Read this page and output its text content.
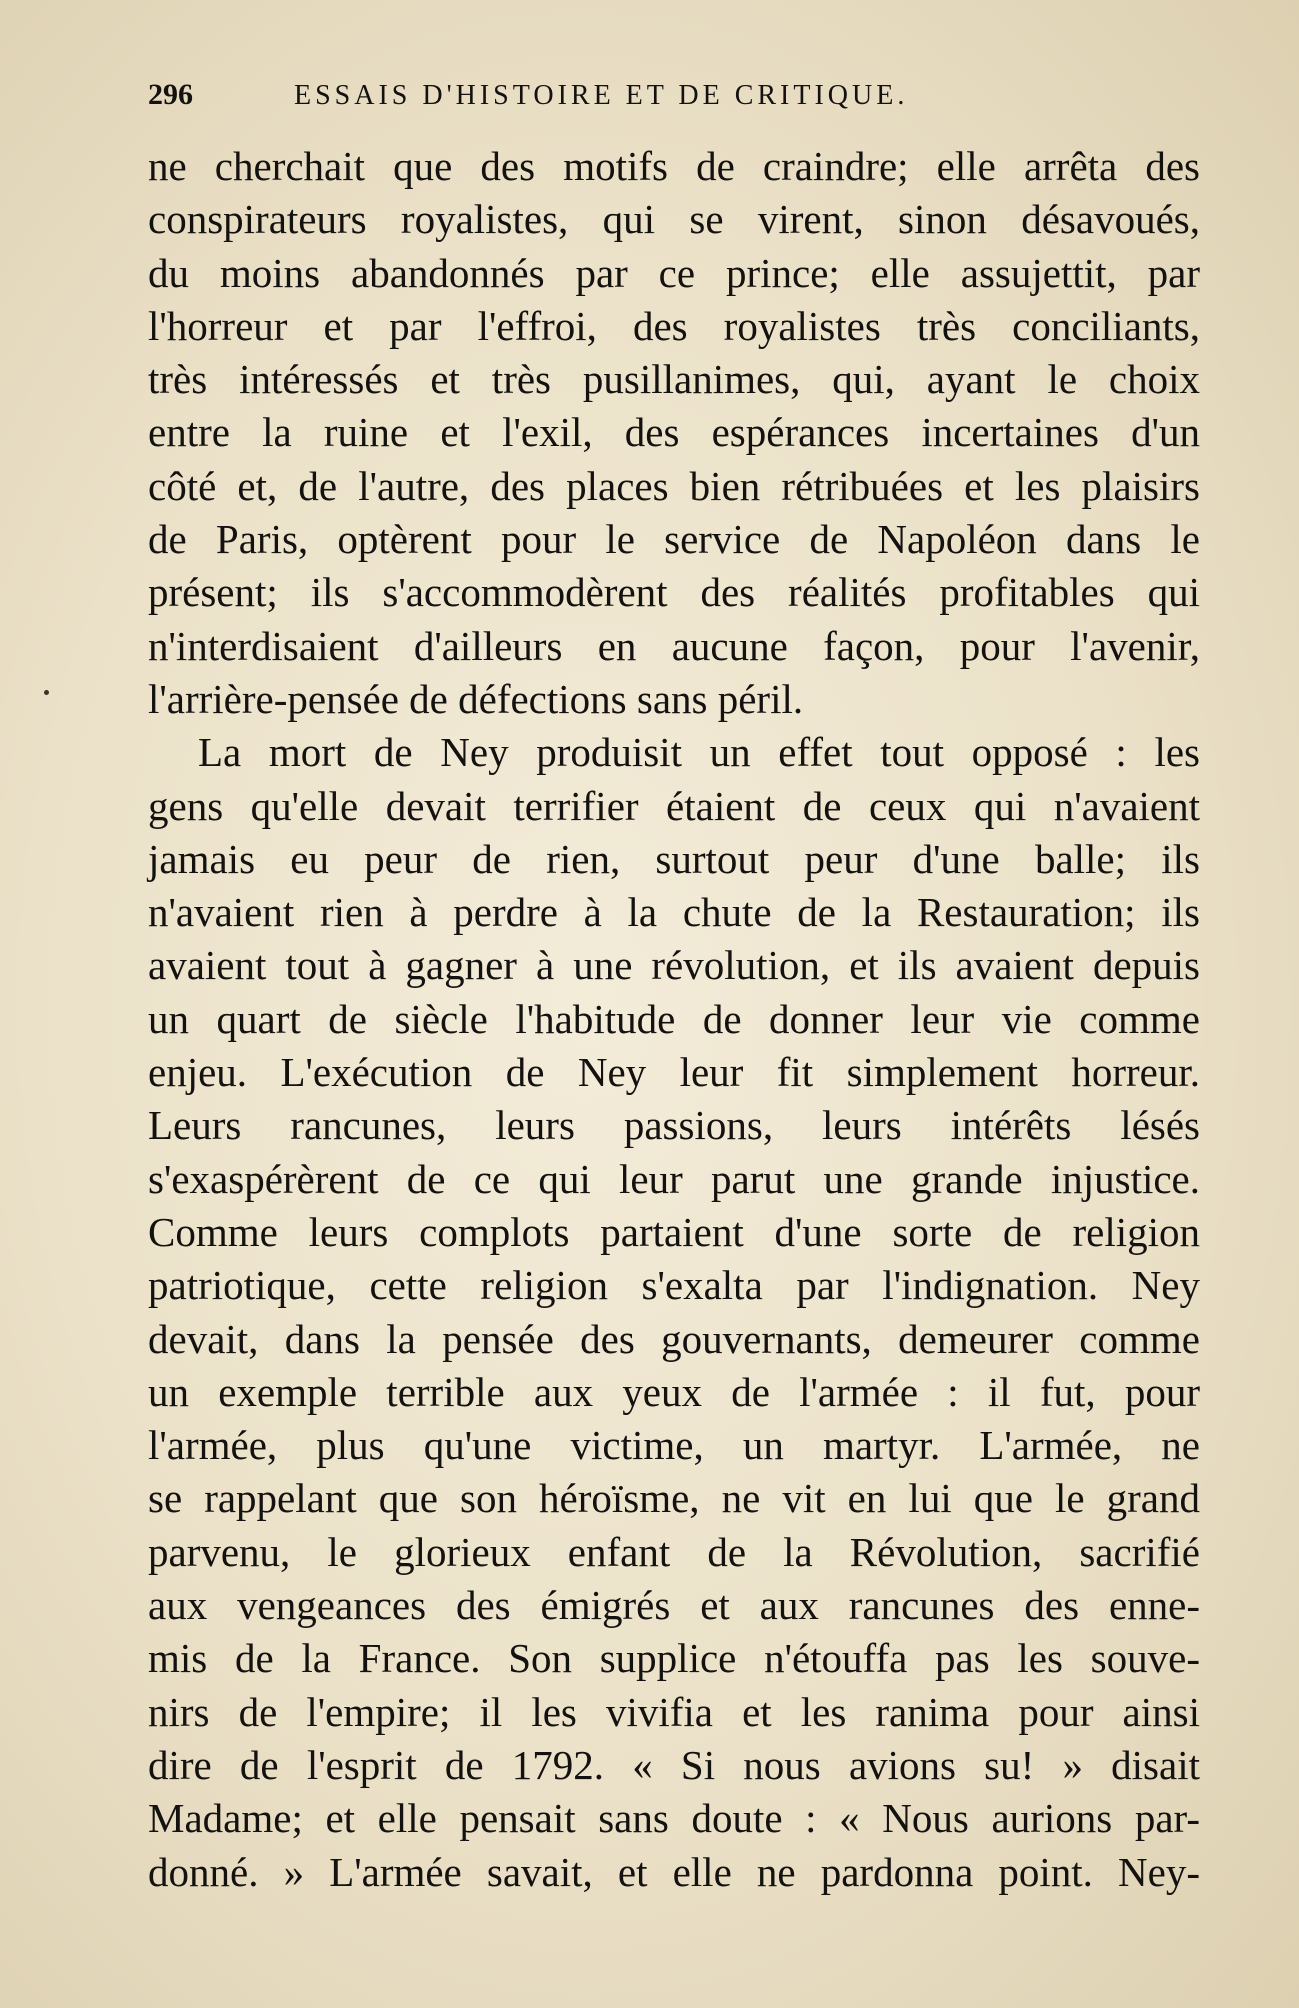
296	ESSAIS D'HISTOIRE ET DE CRITIQUE.
ne cherchait que des motifs de craindre; elle arrêta des
conspirateurs royalistes, qui se virent, sinon désavoués,
du moins abandonnés par ce prince; elle assujettit, par
l'horreur et par l'effroi, des royalistes très conciliants,
très intéressés et très pusillanimes, qui, ayant le choix
entre la ruine et l'exil, des espérances incertaines d'un
côté et, de l'autre, des places bien rétribuées et les plaisirs
de Paris, optèrent pour le service de Napoléon dans le
présent; ils s'accommodèrent des réalités profitables qui
n'interdisaient d'ailleurs en aucune façon, pour l'avenir,
l'arrière-pensée de défections sans péril.
La mort de Ney produisit un effet tout opposé : les
gens qu'elle devait terrifier étaient de ceux qui n'avaient
jamais eu peur de rien, surtout peur d'une balle; ils
n'avaient rien à perdre à la chute de la Restauration; ils
avaient tout à gagner à une révolution, et ils avaient depuis
un quart de siècle l'habitude de donner leur vie comme
enjeu. L'exécution de Ney leur fit simplement horreur.
Leurs rancunes, leurs passions, leurs intérêts lésés
s'exaspérèrent de ce qui leur parut une grande injustice.
Comme leurs complots partaient d'une sorte de religion
patriotique, cette religion s'exalta par l'indignation. Ney
devait, dans la pensée des gouvernants, demeurer comme
un exemple terrible aux yeux de l'armée : il fut, pour
l'armée, plus qu'une victime, un martyr. L'armée, ne
se rappelant que son héroïsme, ne vit en lui que le grand
parvenu, le glorieux enfant de la Révolution, sacrifié
aux vengeances des émigrés et aux rancunes des enne-
mis de la France. Son supplice n'étouffa pas les souve-
nirs de l'empire; il les vivifia et les ranima pour ainsi
dire de l'esprit de 1792. « Si nous avions su! » disait
Madame; et elle pensait sans doute : « Nous aurions par-
donné. » L'armée savait, et elle ne pardonna point. Ney-
